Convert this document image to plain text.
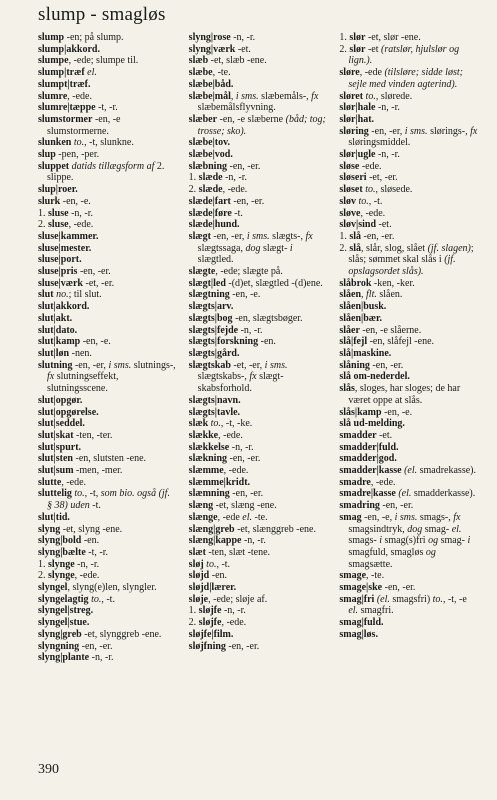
slump - smagløs
slump -en; på slump.
slump|akkord.
slumpe, -ede; slumpe til.
slump|træf el.
slumpt|træf.
slumre, -ede.
slumre|tæppe -t, -r.
slumstormer -en, -e slumstormerne.
slunken to., -t, slunkne.
slup -pen, -per.
sluppet datids tillægsform af 2. slippe.
slup|roer.
slurk -en, -e.
1. sluse -n, -r.
2. sluse, -ede.
sluse|kammer.
sluse|mester.
sluse|port.
sluse|pris -en, -er.
sluse|værk -et, -er.
slut no.; til slut.
slut|akkord.
slut|akt.
slut|dato.
slut|kamp -en, -e.
slut|løn -nen.
slutning -en, -er, i sms. slutnings-, fx slutningseffekt, slutningsscene.
slut|opgør.
slut|opgørelse.
slut|seddel.
slut|skat -ten, -ter.
slut|spurt.
slut|sten -en, slutsten -ene.
slut|sum -men, -mer.
slutte, -ede.
sluttelig to., -t, som bio. også (jf. § 38) uden -t.
slut|tid.
slyng -et, slyng -ene.
slyng|bold -en.
slyng|bælte -t, -r.
1. slynge -n, -r.
2. slynge, -ede.
slyngel, slyng(e)len, slyngler.
slyngelagtig to., -t.
slyngel|streg.
slyngel|stue.
slyng|greb -et, slynggreb -ene.
slyngning -en, -er.
slyng|plante -n, -r.
slyng|rose -n, -r.
slyng|værk -et.
slæb -et, slæb -ene.
slæbe, -te.
slæbe|båd.
slæbe|mål, i sms. slæbemåls-, fx slæbemålsflyvning.
slæber -en, -e slæberne (båd; tog; trosse; sko).
slæbe|tov.
slæbe|vod.
slæbning -en, -er.
1. slæde -n, -r.
2. slæde, -ede.
slæde|fart -en, -er.
slæde|føre -t.
slæde|hund.
slægt -en, -er, i sms. slægts-, fx slægtssaga, dog slægt- i slægtled.
slægte, -ede; slægte på.
slægt|led -(d)et, slægtled -(d)ene.
slægtning -en, -e.
slægts|arv.
slægts|bog -en, slægtsbøger.
slægts|fejde -n, -r.
slægts|forskning -en.
slægts|gård.
slægtskab -et, -er, i sms. slægtskabs-, fx slægtskabsforhold.
slægts|navn.
slægts|tavle.
slæk to., -t, -ke.
slække, -ede.
slækkelse -n, -r.
slækning -en, -er.
slæmme, -ede.
slæmme|kridt.
slæmning -en, -er.
slæng -et, slæng -ene.
slænge, -ede el. -te.
slæng|greb -et, slænggreb -ene.
slæng|kappe -n, -r.
slæt -ten, slæt -tene.
sløj to., -t.
sløjd -en.
sløjd|lærer.
sløje, -ede; sløje af.
1. sløjfe -n, -r.
2. sløjfe, -ede.
sløjfe|film.
sløjfning -en, -er.
1. slør -et, slør -ene.
2. slør -et (ratslør, hjulslør og lign.).
sløre, -ede (tilsløre; sidde løst; sejle med vinden agterind).
sløret to., slørede.
slør|hale -n, -r.
slør|hat.
sløring -en, -er, i sms. slørings-, fx sløringsmiddel.
slør|ugle -n, -r.
sløse -ede.
sløseri -et, -er.
sløset to., sløsede.
sløv to., -t.
sløve, -ede.
sløv|sind -et.
1. slå -en, -er.
2. slå, slår, slog, slået (jf. slagen); slås; sømmet skal slås i (jf. opslagsordet slås).
slåbrok -ken, -ker.
slåen, flt. slåen.
slåen|busk.
slåen|bær.
slåer -en, -e slåerne.
slå|fejl -en, slåfejl -ene.
slå|maskine.
slåning -en, -er.
slå om-nederdel.
slås, sloges, har sloges; de har været oppe at slås.
slås|kamp -en, -e.
slå ud-melding.
smadder -et.
smadder|fuld.
smadder|god.
smadder|kasse (el. smadrekasse).
smadre, -ede.
smadre|kasse (el. smadderkasse).
smadring -en, -er.
smag -en, -e, i sms. smags-, fx smagsindtryk, dog smag- el. smags- i smag(s)fri og smag- i smagfuld, smagløs og smagsætte.
smage, -te.
smage|ske -en, -er.
smag|fri (el. smagsfri) to., -t, -e el. smagfri.
smag|fuld.
smag|løs.
390
